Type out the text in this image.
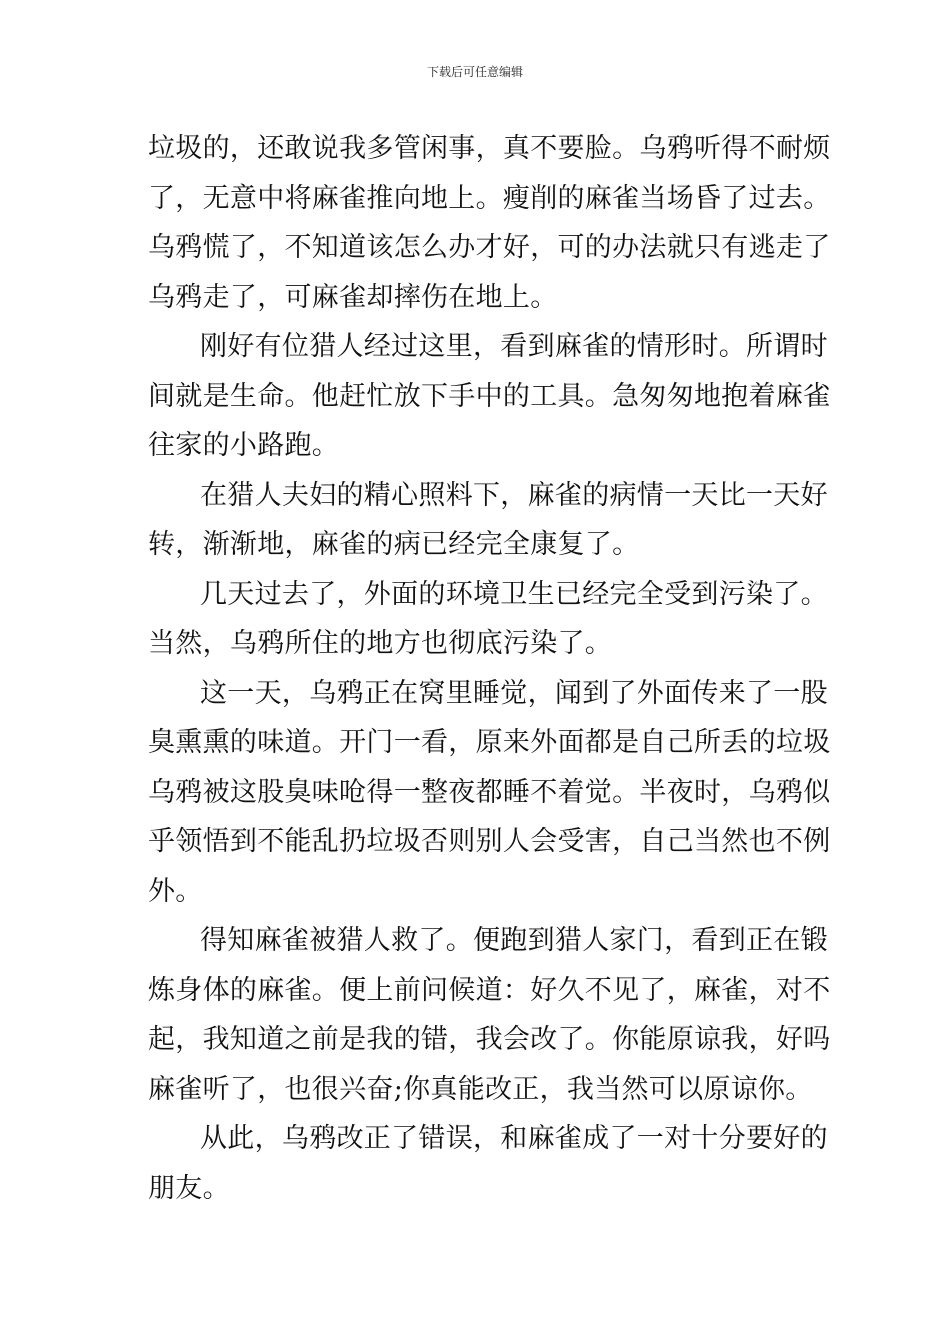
下载后可任意编辑
垃圾的，还敢说我多管闲事，真不要脸。乌鸦听得不耐烦
了，无意中将麻雀推向地上。瘦削的麻雀当场昏了过去。
乌鸦慌了，不知道该怎么办才好，可的办法就只有逃走了
乌鸦走了，可麻雀却摔伤在地上。
刚好有位猎人经过这里，看到麻雀的情形时。所谓时
间就是生命。他赶忙放下手中的工具。急匆匆地抱着麻雀
往家的小路跑。
在猎人夫妇的精心照料下，麻雀的病情一天比一天好
转，渐渐地，麻雀的病已经完全康复了。
几天过去了，外面的环境卫生已经完全受到污染了。
当然，乌鸦所住的地方也彻底污染了。
这一天，乌鸦正在窝里睡觉，闻到了外面传来了一股
臭熏熏的味道。开门一看，原来外面都是自己所丢的垃圾
乌鸦被这股臭味呛得一整夜都睡不着觉。半夜时，乌鸦似
乎领悟到不能乱扔垃圾否则别人会受害，自己当然也不例
外。
得知麻雀被猎人救了。便跑到猎人家门，看到正在锻
炼身体的麻雀。便上前问候道：好久不见了，麻雀，对不
起，我知道之前是我的错，我会改了。你能原谅我，好吗
麻雀听了，也很兴奋;你真能改正，我当然可以原谅你。
从此，乌鸦改正了错误，和麻雀成了一对十分要好的
朋友。
